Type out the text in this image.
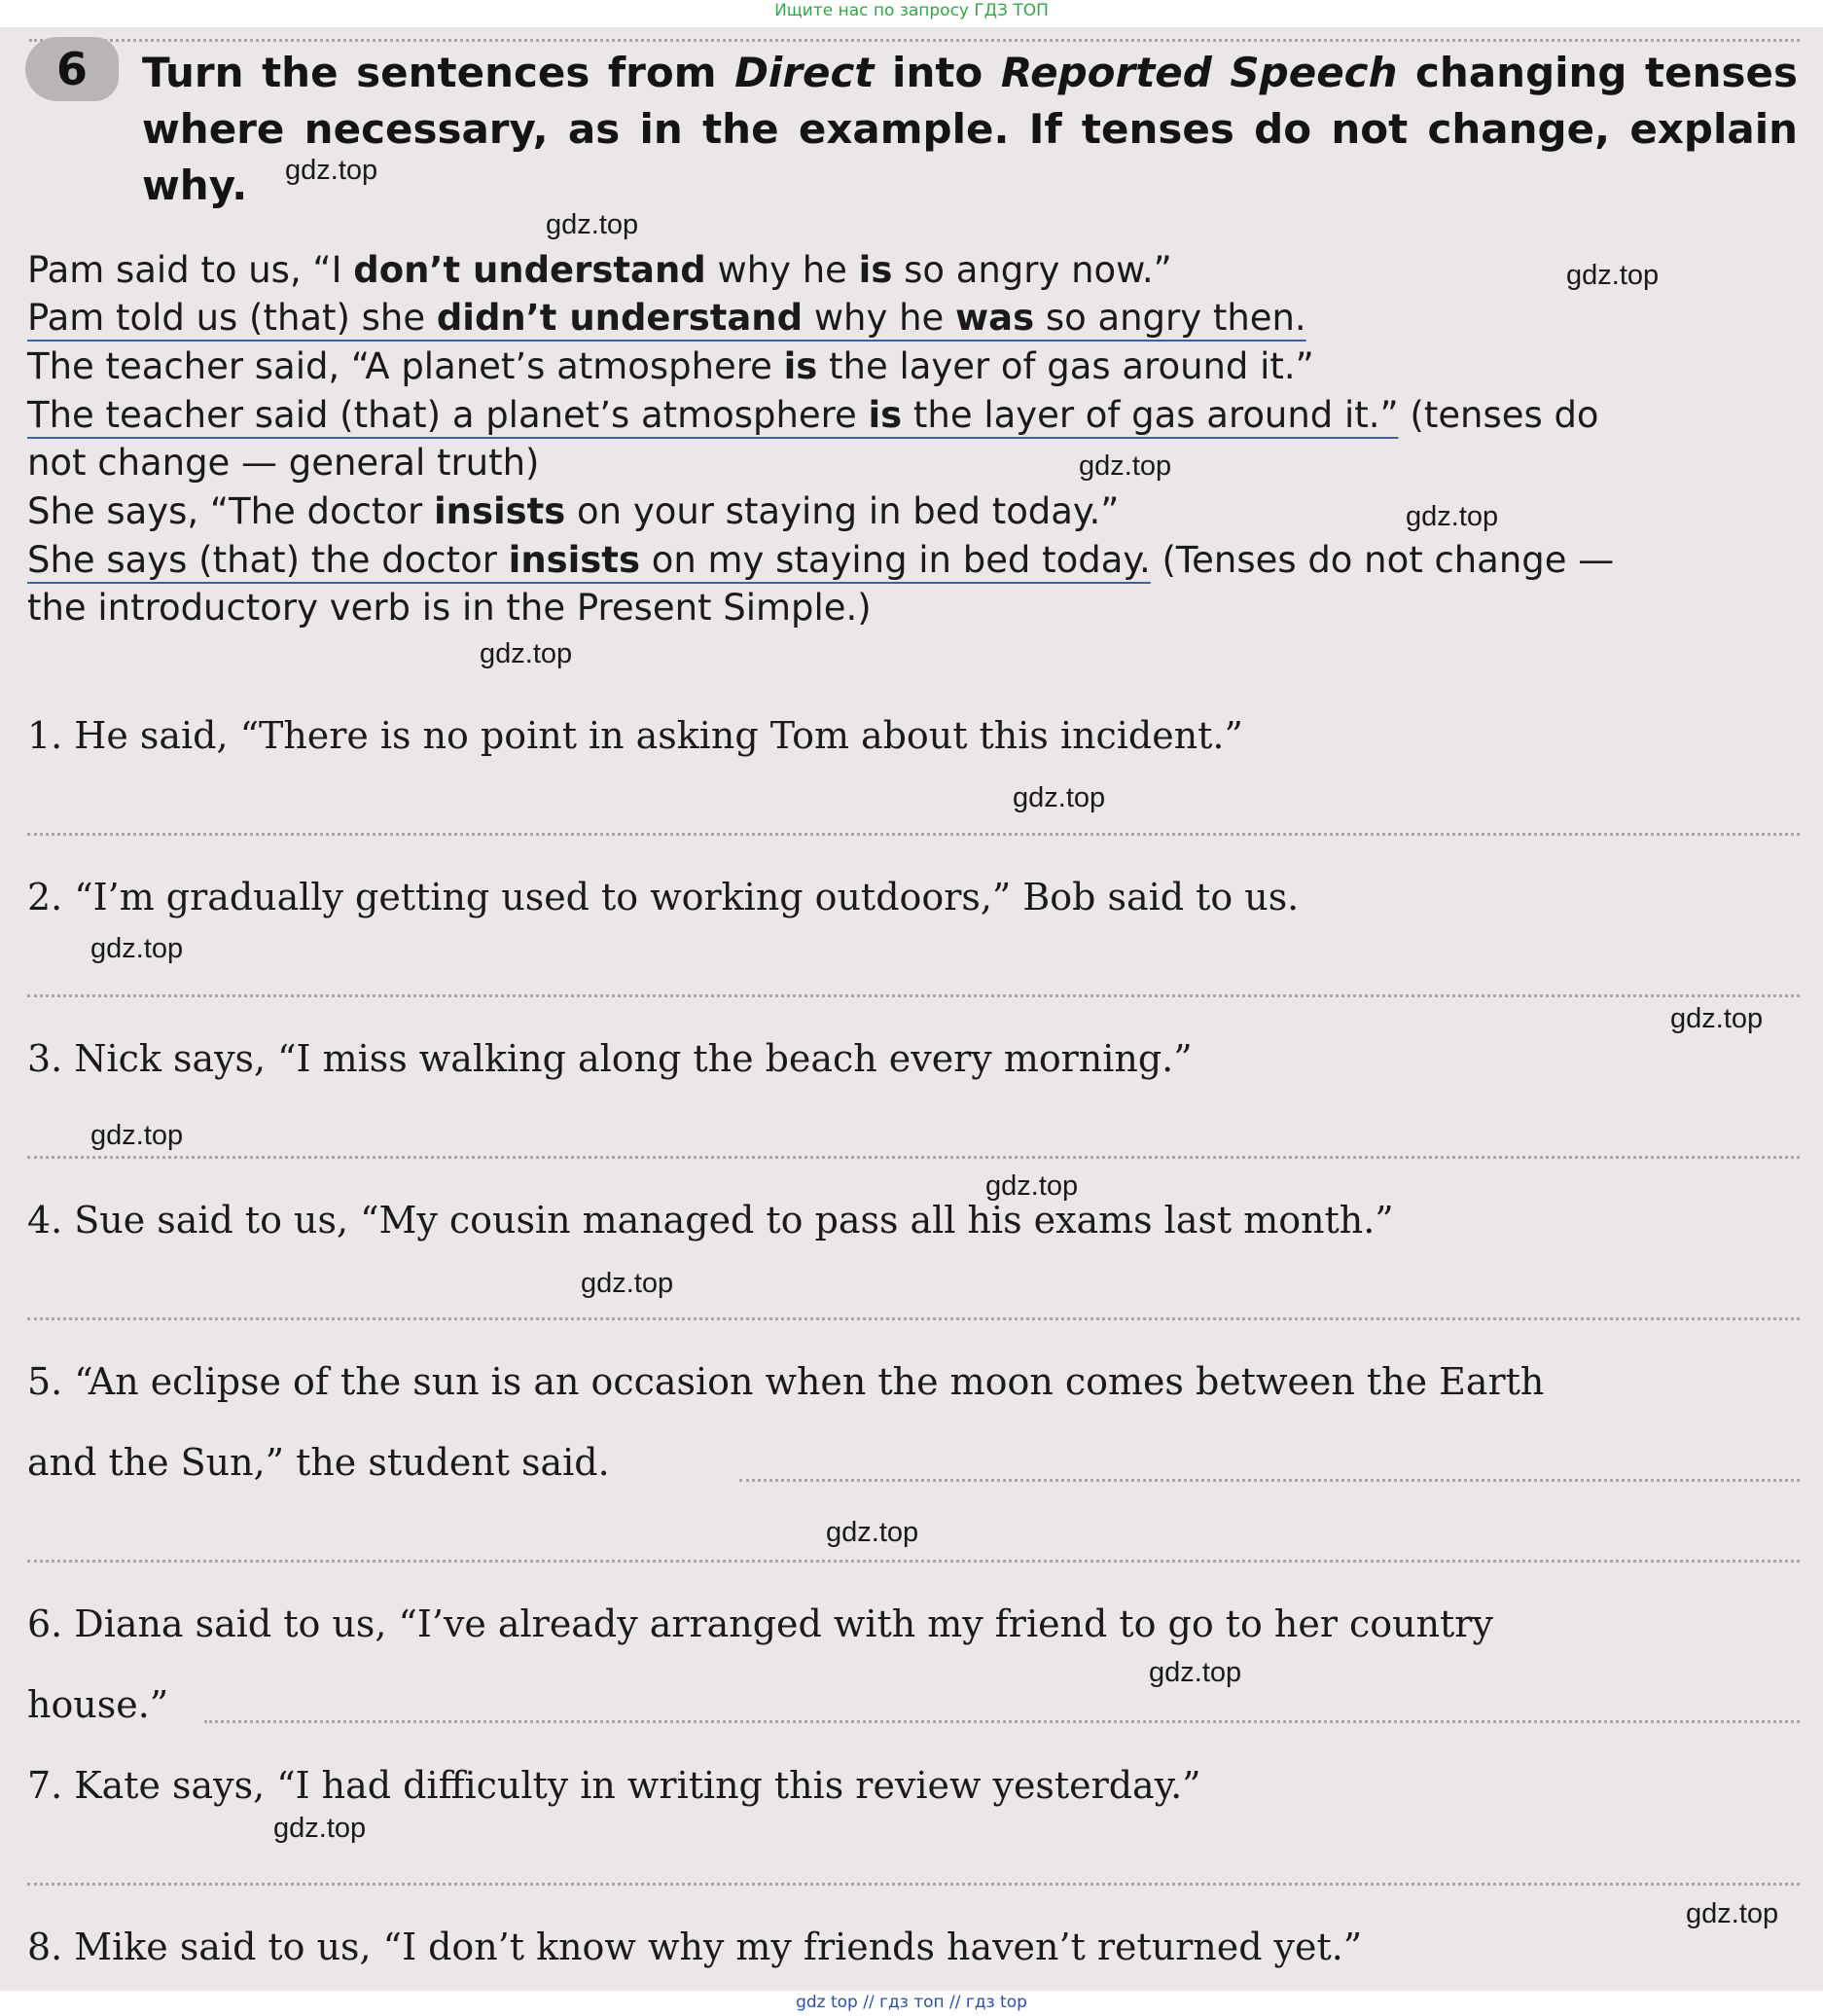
Ищите нас по запросу ГДЗ ТОП
6 Turn the sentences from Direct into Reported Speech changing tenses where necessary, as in the example. If tenses do not change, explain why.

Pam said to us, “I don’t understand why he is so angry now.”

Pam told us (that) she didn’t understand why he was so angry then.

The teacher said, “A planet’s atmosphere is the layer of gas around it.”

The teacher said (that) a planet’s atmosphere is the layer of gas around it.” (tenses do

not change — general truth)

She says, “The doctor insists on your staying in bed today.”

She says (that) the doctor insists on my staying in bed today. (Tenses do not change —

the introductory verb is in the Present Simple.)

1. He said, “There is no point in asking Tom about this incident.”

2. “I’m gradually getting used to working outdoors,” Bob said to us.

3. Nick says, “I miss walking along the beach every morning.”

4. Sue said to us, “My cousin managed to pass all his exams last month.”

5. “An eclipse of the sun is an occasion when the moon comes between the Earth

and the Sun,” the student said.

6. Diana said to us, “I’ve already arranged with my friend to go to her country

house.”

7. Kate says, “I had difficulty in writing this review yesterday.”

8. Mike said to us, “I don’t know why my friends haven’t returned yet.”

gdz.top
gdz.top
gdz.top
gdz.top
gdz.top
gdz.top
gdz.top
gdz.top
gdz.top
gdz.top
gdz.top
gdz.top
gdz.top
gdz.top
gdz.top
gdz.top
gdz top // гдз топ // гдз top
